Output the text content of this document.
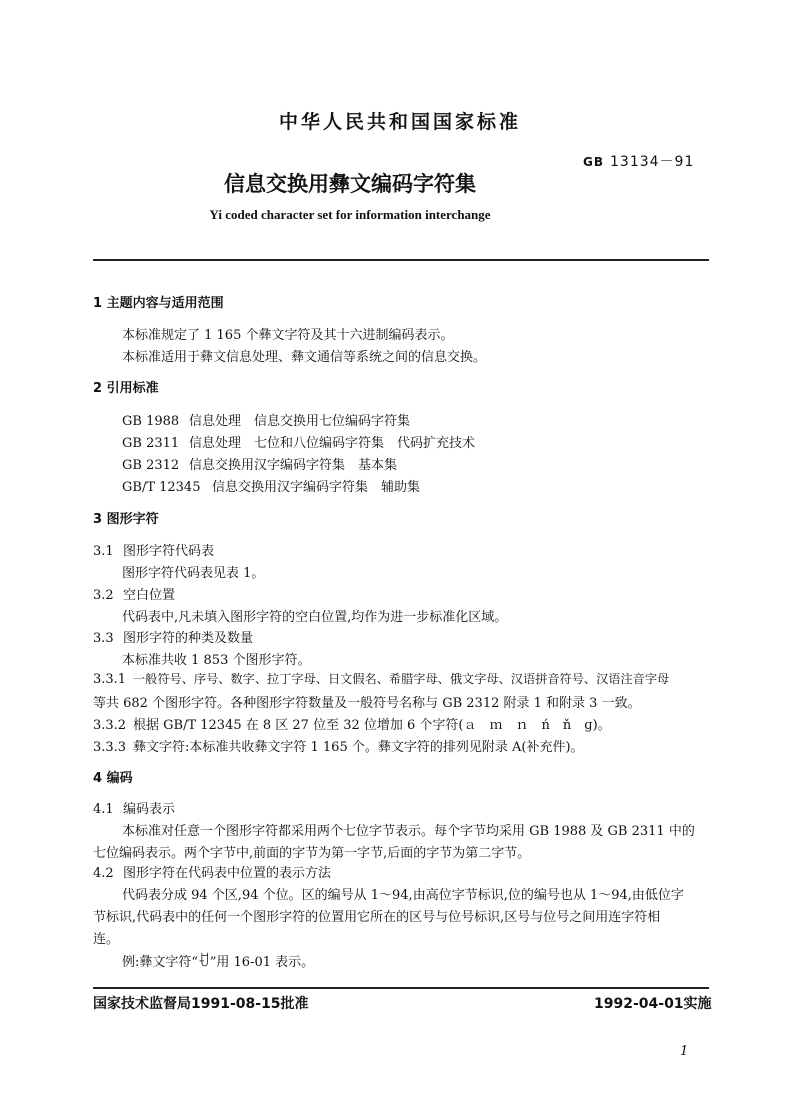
中华人民共和国国家标准
GB 13134－91
信息交换用彝文编码字符集
Yi coded character set for information interchange
1 主题内容与适用范围
本标准规定了 1 165 个彝文字符及其十六进制编码表示。
本标准适用于彝文信息处理、彝文通信等系统之间的信息交换。
2 引用标准
GB 1988 信息处理　信息交换用七位编码字符集
GB 2311 信息处理　七位和八位编码字符集　代码扩充技术
GB 2312 信息交换用汉字编码字符集　基本集
GB/T 12345 信息交换用汉字编码字符集　辅助集
3 图形字符
3.1 图形字符代码表
图形字符代码表见表 1。
3.2 空白位置
代码表中,凡未填入图形字符的空白位置,均作为进一步标准化区域。
3.3 图形字符的种类及数量
本标准共收 1 853 个图形字符。
3.3.1 一般符号、序号、数字、拉丁字母、日文假名、希腊字母、俄文字母、汉语拼音符号、汉语注音字母
等共 682 个图形字符。各种图形字符数量及一般符号名称与 GB 2312 附录 1 和附录 3 一致。
3.3.2 根据 GB/T 12345 在 8 区 27 位至 32 位增加 6 个字符(ａ　ｍ　ｎ　ń　ň　ɡ)。
3.3.3 彝文字符:本标准共收彝文字符 1 165 个。彝文字符的排列见附录 A(补充件)。
4 编码
4.1 编码表示
本标准对任意一个图形字符都采用两个七位字节表示。每个字节均采用 GB 1988 及 GB 2311 中的
七位编码表示。两个字节中,前面的字节为第一字节,后面的字节为第二字节。
4.2 图形字符在代码表中位置的表示方法
代码表分成 94 个区,94 个位。区的编号从 1～94,由高位字节标识,位的编号也从 1～94,由低位字
节标识,代码表中的任何一个图形字符的位置用它所在的区号与位号标识,区号与位号之间用连字符相
连。
例:彝文字符“ꀀ”用 16-01 表示。
国家技术监督局1991-08-15批准	1992-04-01实施
1
